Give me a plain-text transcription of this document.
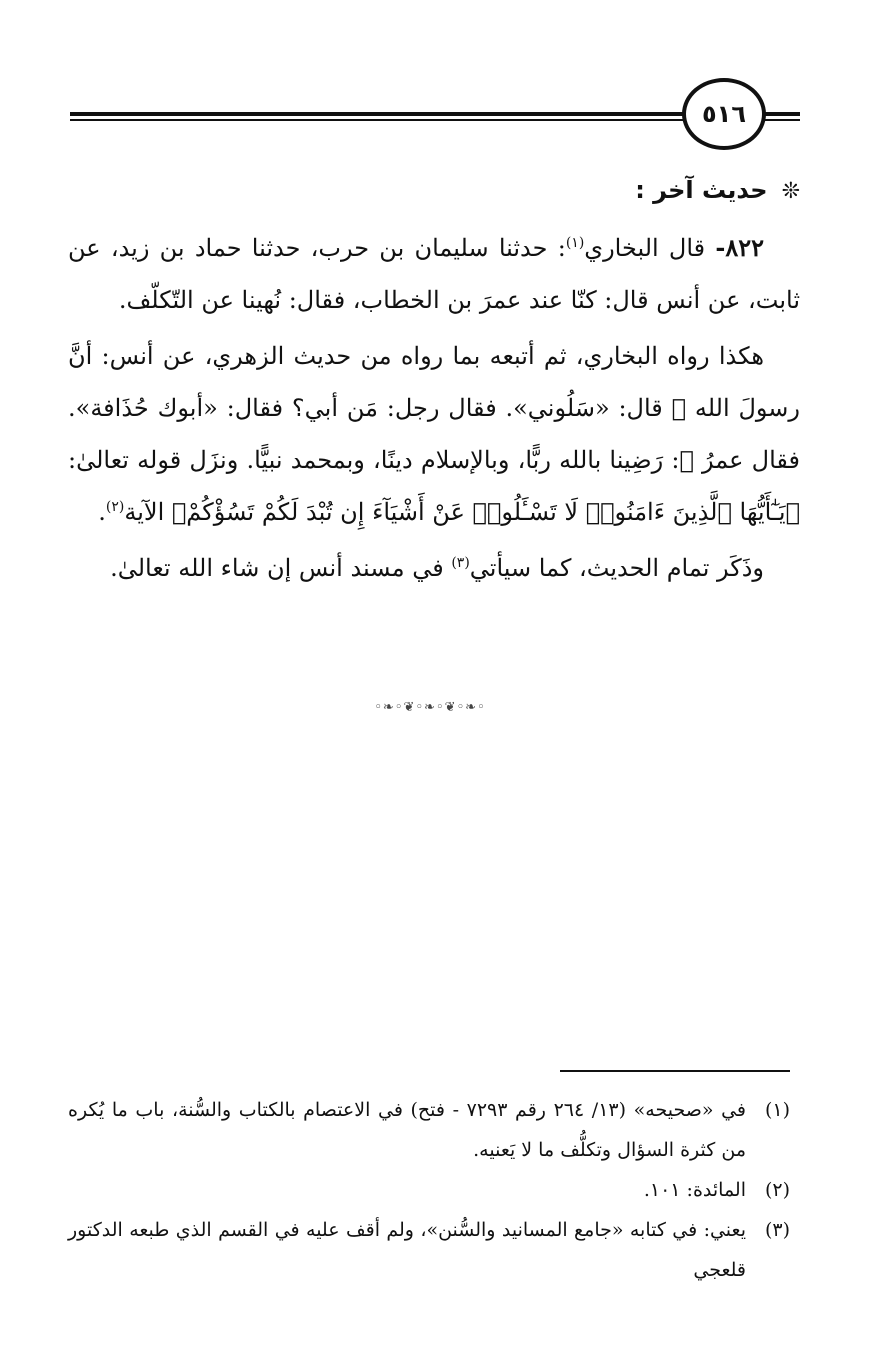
٥١٦

❊حديث آخر :

٨٢٢- قال البخاري$^{(١)}$: حدثنا سليمان بن حرب، حدثنا حماد بن زيد، عن ثابت، عن أنس قال: كنّا عند عمرَ بن الخطاب، فقال: نُهينا عن التّكلّف.

هكذا رواه البخاري، ثم أتبعه بما رواه من حديث الزهري، عن أنس: أنَّ رسولَ الله ﷺ قال: «سَلُوني». فقال رجل: مَن أبي؟ فقال: «أبوك حُذَافة». فقال عمرُ ﷺ: رَضِينا بالله ربًّا، وبالإسلام دينًا، وبمحمد نبيًّا. ونزَل قوله تعالىٰ: ﴿يَـٰٓأَيُّهَا ٱلَّذِينَ ءَامَنُوا۟ لَا تَسْـَٔلُوا۟ عَنْ أَشْيَآءَ إِن تُبْدَ لَكُمْ تَسُؤْكُمْ﴾ الآية$^{(٢)}$.

وذَكَر تمام الحديث، كما سيأتي$^{(٣)}$ في مسند أنس إن شاء الله تعالىٰ.

◦❧◦❦◦❧◦❦◦❧◦

(١)
في «صحيحه» (١٣/ ٢٦٤ رقم ٧٢٩٣ - فتح) في الاعتصام بالكتاب والسُّنة، باب ما يُكره من كثرة السؤال وتكلُّف ما لا يَعنيه.

(٢)
المائدة: ١٠١.

(٣)
يعني: في كتابه «جامع المسانيد والسُّنن»، ولم أقف عليه في القسم الذي طبعه الدكتور قلعجي
